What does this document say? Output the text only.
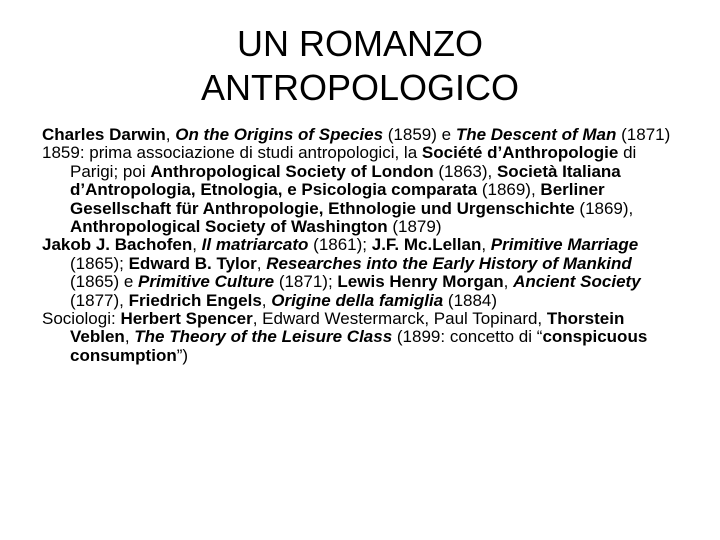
UN ROMANZO
ANTROPOLOGICO

Charles Darwin, On the Origins of Species (1859) e The Descent of Man (1871)

1859: prima associazione di studi antropologici, la Société d’Anthropologie di Parigi; poi Anthropological Society of London (1863), Società Italiana d’Antropologia, Etnologia, e Psicologia comparata (1869), Berliner Gesellschaft für Anthropologie, Ethnologie und Urgenschichte (1869), Anthropological Society of Washington (1879)

Jakob J. Bachofen, Il matriarcato (1861); J.F. Mc.Lellan, Primitive Marriage (1865); Edward B. Tylor, Researches into the Early History of Mankind (1865) e Primitive Culture (1871); Lewis Henry Morgan, Ancient Society (1877), Friedrich Engels, Origine della famiglia (1884)

Sociologi: Herbert Spencer, Edward Westermarck, Paul Topinard, Thorstein Veblen, The Theory of the Leisure Class (1899: concetto di “conspicuous consumption”)
